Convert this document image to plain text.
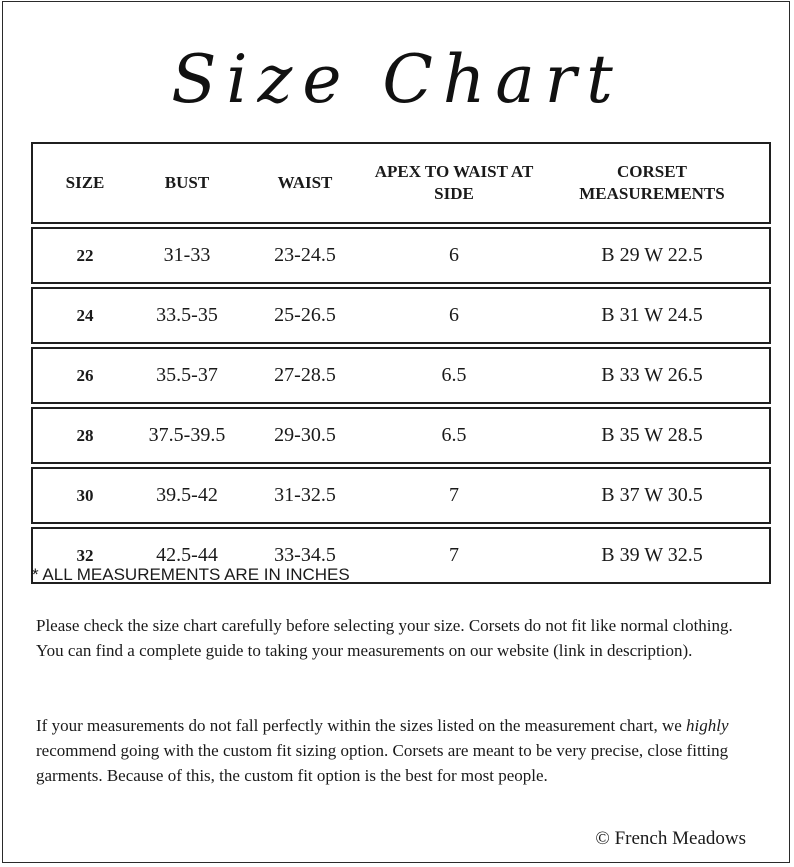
Size Chart
SIZE	BUST	WAIST	APEX TO WAIST AT SIDE	CORSET MEASUREMENTS

22	31-33	23-24.5	6	B 29 W 22.5

24	33.5-35	25-26.5	6	B 31 W 24.5

26	35.5-37	27-28.5	6.5	B 33 W 26.5

28	37.5-39.5	29-30.5	6.5	B 35 W 28.5

30	39.5-42	31-32.5	7	B 37 W 30.5

32	42.5-44	33-34.5	7	B 39 W 32.5
* ALL MEASUREMENTS ARE IN INCHES
Please check the size chart carefully before selecting your size. Corsets do not fit like normal clothing. You can find a complete guide to taking your measurements on our website (link in description).
If your measurements do not fall perfectly within the sizes listed on the measurement chart, we highly recommend going with the custom fit sizing option. Corsets are meant to be very precise, close fitting garments. Because of this, the custom fit option is the best for most people.
© French Meadows
